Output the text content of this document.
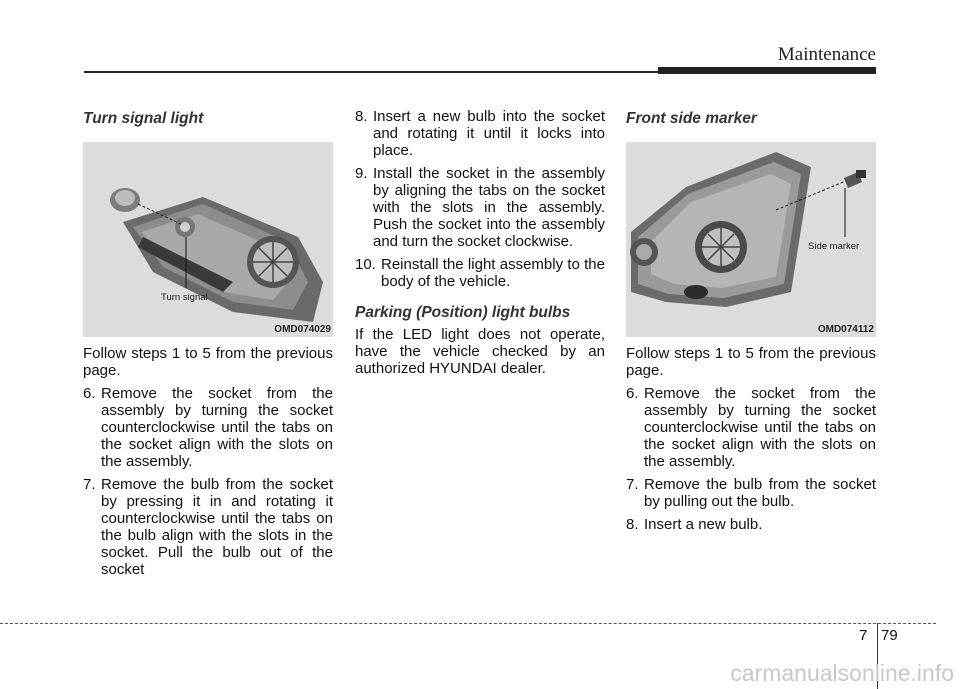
Maintenance
Turn signal light
Turn signal
OMD074029

Follow steps 1 to 5 from the previous page.

6. Remove the socket from the assembly by turning the socket counterclockwise until the tabs on the socket align with the slots on the assembly.
7. Remove the bulb from the socket by pressing it in and rotating it counterclockwise until the tabs on the bulb align with the slots in the socket. Pull the bulb out of the socket
8. Insert a new bulb into the socket and rotating it until it locks into place.
9. Install the socket in the assembly by aligning the tabs on the socket with the slots in the assembly. Push the socket into the assembly and turn the socket clockwise.
10. Reinstall the light assembly to the body of the vehicle.
Parking (Position) light bulbs

If the LED light does not operate, have the vehicle checked by an authorized HYUNDAI dealer.

Front side marker
Side marker
OMD074112

Follow steps 1 to 5 from the previous page.

6. Remove the socket from the assembly by turning the socket counterclockwise until the tabs on the socket align with the slots on the assembly.
7. Remove the bulb from the socket by pulling out the bulb.
8. Insert a new bulb.
7 79
carmanualsonline.info
